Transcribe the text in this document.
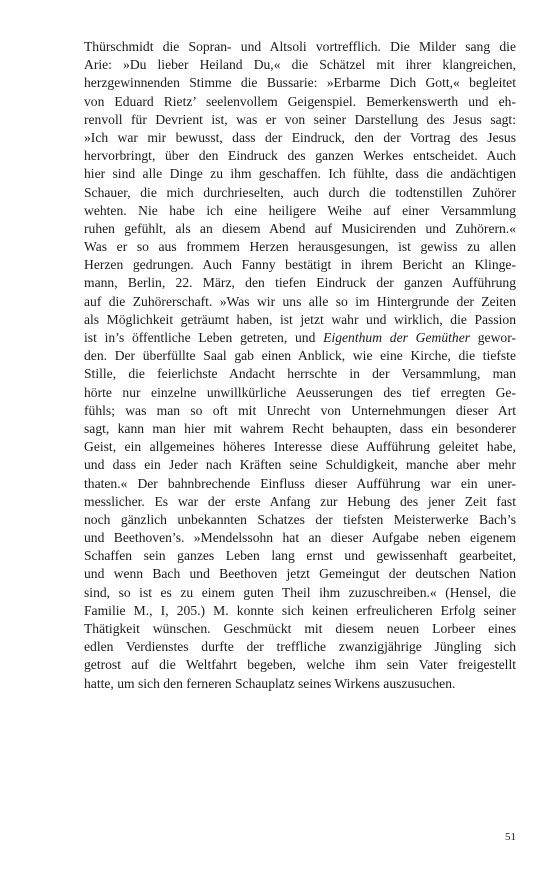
Thürschmidt die Sopran- und Altsoli vortrefflich. Die Milder sang die
Arie: »Du lieber Heiland Du,« die Schätzel mit ihrer klangreichen,
herzgewinnenden Stimme die Bussarie: »Erbarme Dich Gott,« begleitet
von Eduard Rietz’ seelenvollem Geigenspiel. Bemerkenswerth und eh-
renvoll für Devrient ist, was er von seiner Darstellung des Jesus sagt:
»Ich war mir bewusst, dass der Eindruck, den der Vortrag des Jesus
hervorbringt, über den Eindruck des ganzen Werkes entscheidet. Auch
hier sind alle Dinge zu ihm geschaffen. Ich fühlte, dass die andächtigen
Schauer, die mich durchrieselten, auch durch die todtenstillen Zuhörer
wehten. Nie habe ich eine heiligere Weihe auf einer Versammlung
ruhen gefühlt, als an diesem Abend auf Musicirenden und Zuhörern.«
Was er so aus frommem Herzen herausgesungen, ist gewiss zu allen
Herzen gedrungen. Auch Fanny bestätigt in ihrem Bericht an Klinge-
mann, Berlin, 22. März, den tiefen Eindruck der ganzen Aufführung
auf die Zuhörerschaft. »Was wir uns alle so im Hintergrunde der Zeiten
als Möglichkeit geträumt haben, ist jetzt wahr und wirklich, die Passion
ist in’s öffentliche Leben getreten, und Eigenthum der Gemüther gewor-
den. Der überfüllte Saal gab einen Anblick, wie eine Kirche, die tiefste
Stille, die feierlichste Andacht herrschte in der Versammlung, man
hörte nur einzelne unwillkürliche Aeusserungen des tief erregten Ge-
fühls; was man so oft mit Unrecht von Unternehmungen dieser Art
sagt, kann man hier mit wahrem Recht behaupten, dass ein besonderer
Geist, ein allgemeines höheres Interesse diese Aufführung geleitet habe,
und dass ein Jeder nach Kräften seine Schuldigkeit, manche aber mehr
thaten.« Der bahnbrechende Einfluss dieser Aufführung war ein uner-
messlicher. Es war der erste Anfang zur Hebung des jener Zeit fast
noch gänzlich unbekannten Schatzes der tiefsten Meisterwerke Bach’s
und Beethoven’s. »Mendelssohn hat an dieser Aufgabe neben eigenem
Schaffen sein ganzes Leben lang ernst und gewissenhaft gearbeitet,
und wenn Bach und Beethoven jetzt Gemeingut der deutschen Nation
sind, so ist es zu einem guten Theil ihm zuzuschreiben.« (Hensel, die
Familie M., I, 205.) M. konnte sich keinen erfreulicheren Erfolg seiner
Thätigkeit wünschen. Geschmückt mit diesem neuen Lorbeer eines
edlen Verdienstes durfte der treffliche zwanzigjährige Jüngling sich
getrost auf die Weltfahrt begeben, welche ihm sein Vater freigestellt
hatte, um sich den ferneren Schauplatz seines Wirkens auszusuchen.
51
